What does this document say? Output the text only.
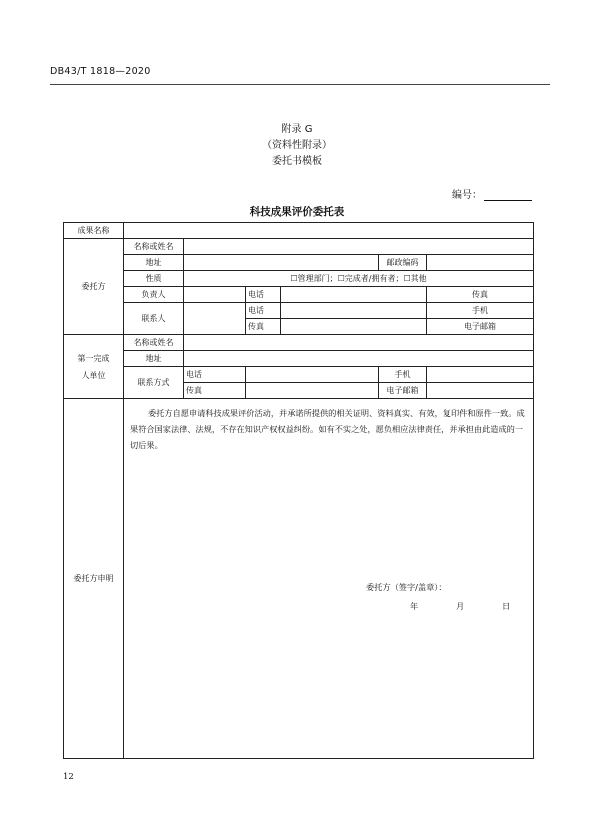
DB43/T 1818—2020
附录 G
（资料性附录）
委托书模板
编号：
科技成果评价委托表
成果名称						
委托方	名称或姓名					
	地址				邮政编码	
	性质	☐管理部门；☐完成者/拥有者；☐其他				
	负责人		电话			传真
	联系人		电话			手机
			传真			电子邮箱
第一完成人单位	名称或姓名					
	地址					
	联系方式	电话			手机	
		传真			电子邮箱	
委托方申明	委托方自愿申请科技成果评价活动，并承诺所提供的相关证明、资料真实、有效，复印件和原件一致。成果符合国家法律、法规，不存在知识产权权益纠纷。如有不实之处，愿负相应法律责任，并承担由此造成的一切后果。
委托方（签字/盖章）：
年 月 日					
12
